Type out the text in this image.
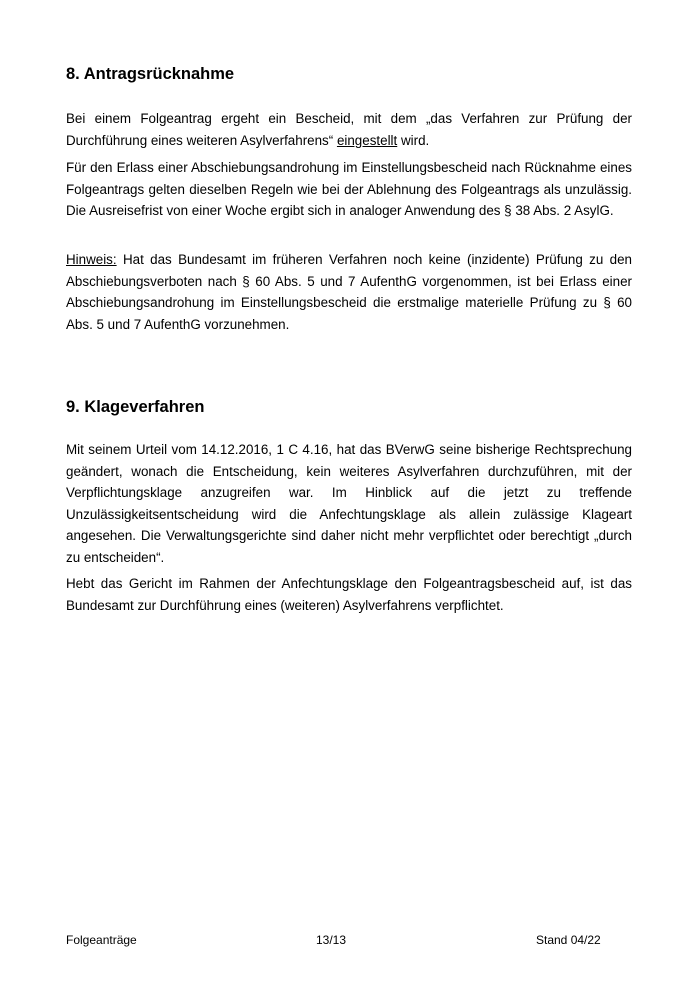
8. Antragsrücknahme

Bei einem Folgeantrag ergeht ein Bescheid, mit dem „das Verfahren zur Prüfung der Durchführung eines weiteren Asylverfahrens“ eingestellt wird.

Für den Erlass einer Abschiebungsandrohung im Einstellungsbescheid nach Rücknahme eines Folgeantrags gelten dieselben Regeln wie bei der Ablehnung des Folgeantrags als unzulässig. Die Ausreisefrist von einer Woche ergibt sich in analoger Anwendung des § 38 Abs. 2 AsylG.

Hinweis: Hat das Bundesamt im früheren Verfahren noch keine (inzidente) Prüfung zu den Abschiebungsverboten nach § 60 Abs. 5 und 7 AufenthG vorgenommen, ist bei Erlass einer Abschiebungsandrohung im Einstellungsbescheid die erstmalige materielle Prüfung zu § 60 Abs. 5 und 7 AufenthG vorzunehmen.

9. Klageverfahren

Mit seinem Urteil vom 14.12.2016, 1 C 4.16, hat das BVerwG seine bisherige Rechtsprechung geändert, wonach die Entscheidung, kein weiteres Asylverfahren durchzuführen, mit der Verpflichtungsklage anzugreifen war. Im Hinblick auf die jetzt zu treffende Unzulässigkeitsentscheidung wird die Anfechtungsklage als allein zulässige Klageart angesehen. Die Verwaltungsgerichte sind daher nicht mehr verpflichtet oder berechtigt „durch zu entscheiden“.

Hebt das Gericht im Rahmen der Anfechtungsklage den Folgeantragsbescheid auf, ist das Bundesamt zur Durchführung eines (weiteren) Asylverfahrens verpflichtet.

Folgeanträge	13/13	Stand 04/22
